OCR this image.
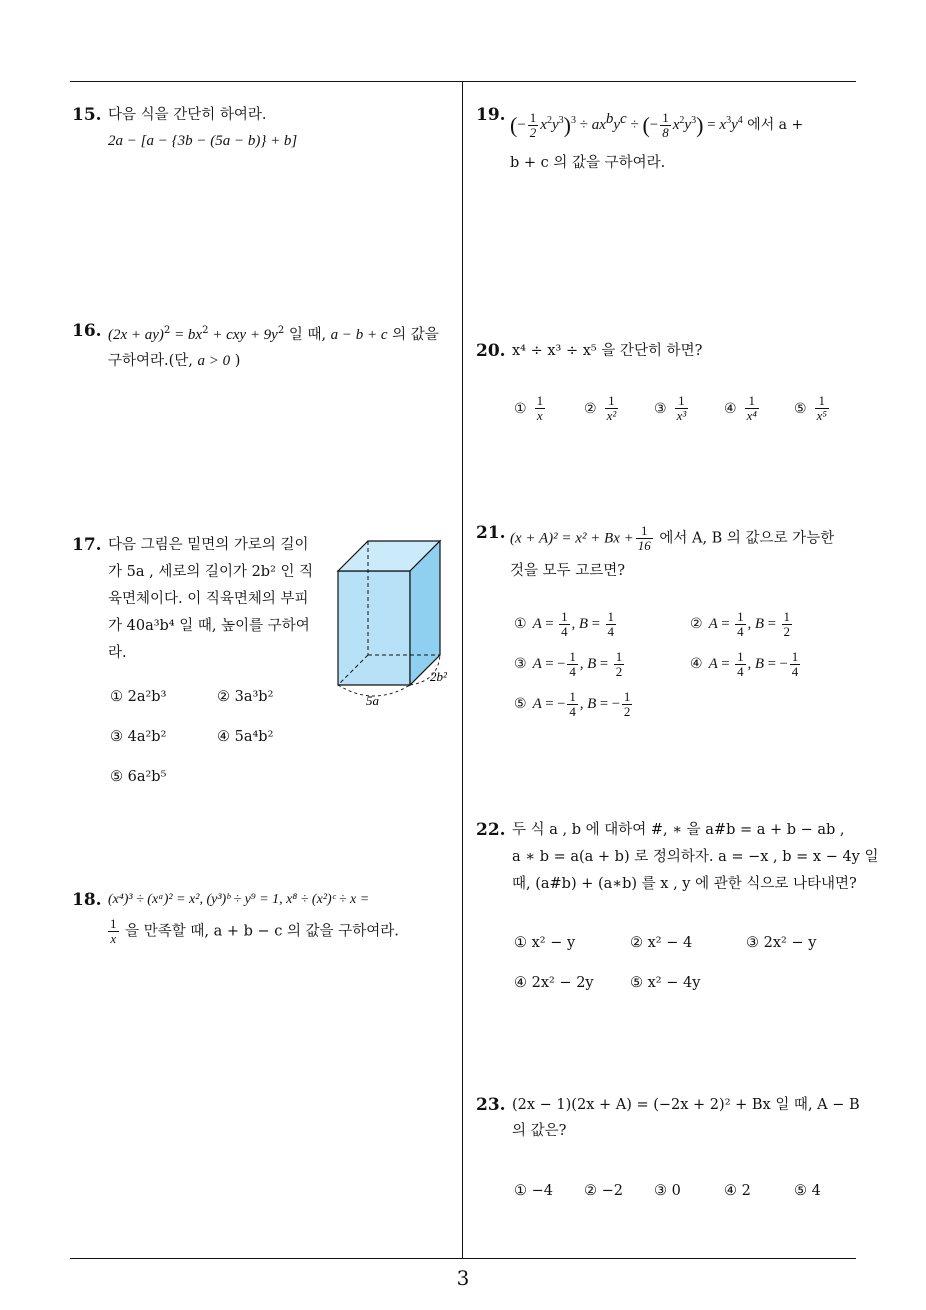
3
15. 다음 식을 간단히 하여라.
2a − [a − {3b − (5a − b)} + b]
16. $(2x + ay)^2 = bx^2$ + cxy + $9y^2$ 일 때, a − b + c 의 값을
구하여라.(단, a > 0 )
17. 다음 그림은 밑면의 가로의 길이
가 5a , 세로의 길이가 2b² 인 직
육면체이다. 이 직육면체의 부피
가 40a³b⁴ 일 때, 높이를 구하여
라.
① 2a²b³	② 3a³b²
③ 4a²b²	④ 5a⁴b²
⑤ 6a²b⁵
5a
2b²
18. (x⁴)³ ÷ (xᵃ)² = x², (y³)ᵇ ÷ y⁹ = 1, x⁸ ÷ (x²)ᶜ ÷ x =
$\frac{1}{x}$ 을 만족할 때, a + b − c 의 값을 구하여라.
19. (− $\frac{1}{2} x^2y^3)^3 \div ax^by^c$ ÷ (− $\frac{1}{8} x^2y^3) = x^3y^4$ 에서 a +
b + c 의 값을 구하여라.
20. x⁴ ÷ x³ ÷ x⁵ 을 간단히 하면?
① $\frac{1}{x}$	② $\frac{1}{\text{x²}}$	③ $\frac{1}{\text{x³}}$	④ $\frac{1}{\text{x⁴}}$	⑤ $\frac{1}{\text{x⁵}}$
21. $(x + A)^2 = x^2 + Bx + \frac{1}{16}$ 에서 A, B 의 값으로 가능한
것을 모두 고르면?
① $A = \frac{1}{4}$ , $B = \frac{1}{4}$	② $A = \frac{1}{4}$ , $B = \frac{1}{2}$
③ A = − $\frac{1}{4}$ , $B = \frac{1}{2}$	④ $A = \frac{1}{4}$ , B = − $\frac{1}{4}$
⑤ A = − $\frac{1}{4}$ , B = − $\frac{1}{2}$
22. 두 식 a , b 에 대하여 #, ∗ 을 a#b = a + b − ab ,
a ∗ b = a(a + b) 로 정의하자. a = −x , b = x − 4y 일
때, (a#b) + (a∗b) 를 x , y 에 관한 식으로 나타내면?
① x² − y	② x² − 4	③ 2x² − y
④ 2x² − 2y	⑤ x² − 4y
23. (2x − 1)(2x + A) = (−2x + 2)² + Bx 일 때, A − B
의 값은?
① −4 ② −2 ③ 0	④ 2	⑤ 4
